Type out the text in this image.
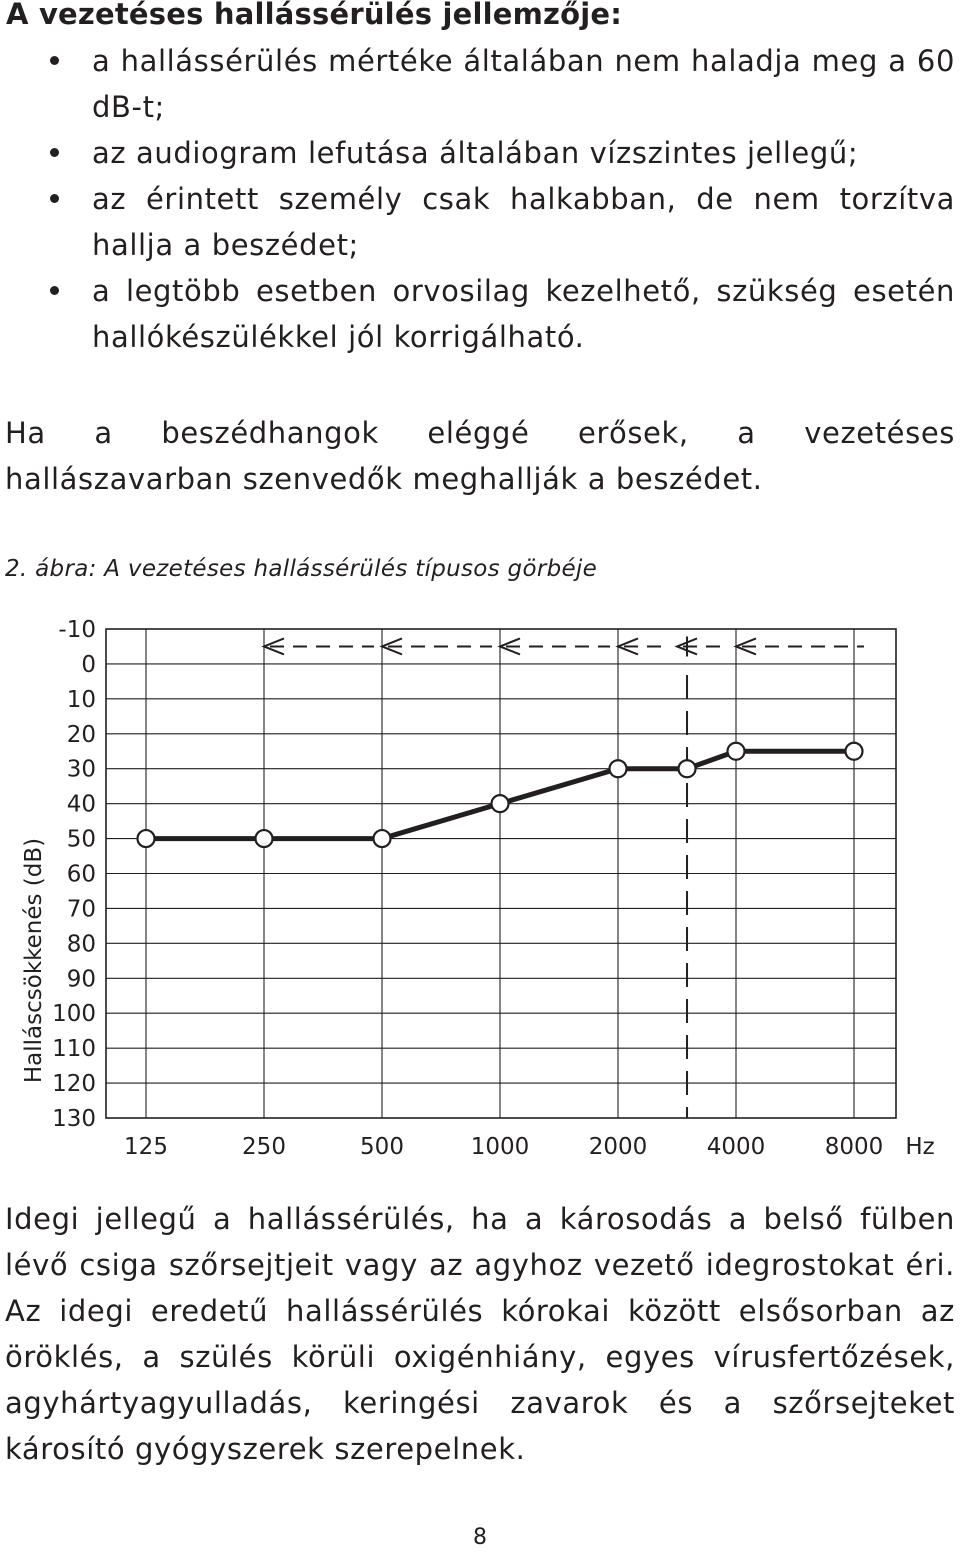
A vezetéses hallássérülés jellemzője:
a hallássérülés mértéke általában nem haladja meg a 60 dB-t;
az audiogram lefutása általában vízszintes jellegű;
az érintett személy csak halkabban, de nem torzítva hallja a beszédet;
a legtöbb esetben orvosilag kezelhető, szükség esetén hallókészülékkel jól korrigálható.

Ha a beszédhangok eléggé erősek, a vezetéses hallászavarban szenvedők meghallják a beszédet.

2. ábra: A vezetéses hallássérülés típusos görbéje

-10
0
10
20
30
40
50
60
70
80
90
100
110
120
130
125	250	500	1000	2000	4000	8000 Hz
Halláscsökkenés (dB)

Idegi jellegű a hallássérülés, ha a károsodás a belső fülben lévő csiga szőrsejtjeit vagy az agyhoz vezető idegrostokat éri. Az idegi eredetű hallássérülés kórokai között elsősorban az öröklés, a szülés körüli oxigénhiány, egyes vírusfertőzések, agyhártyagyulladás, keringési zavarok és a szőrsejteket károsító gyógyszerek szerepelnek.

8
